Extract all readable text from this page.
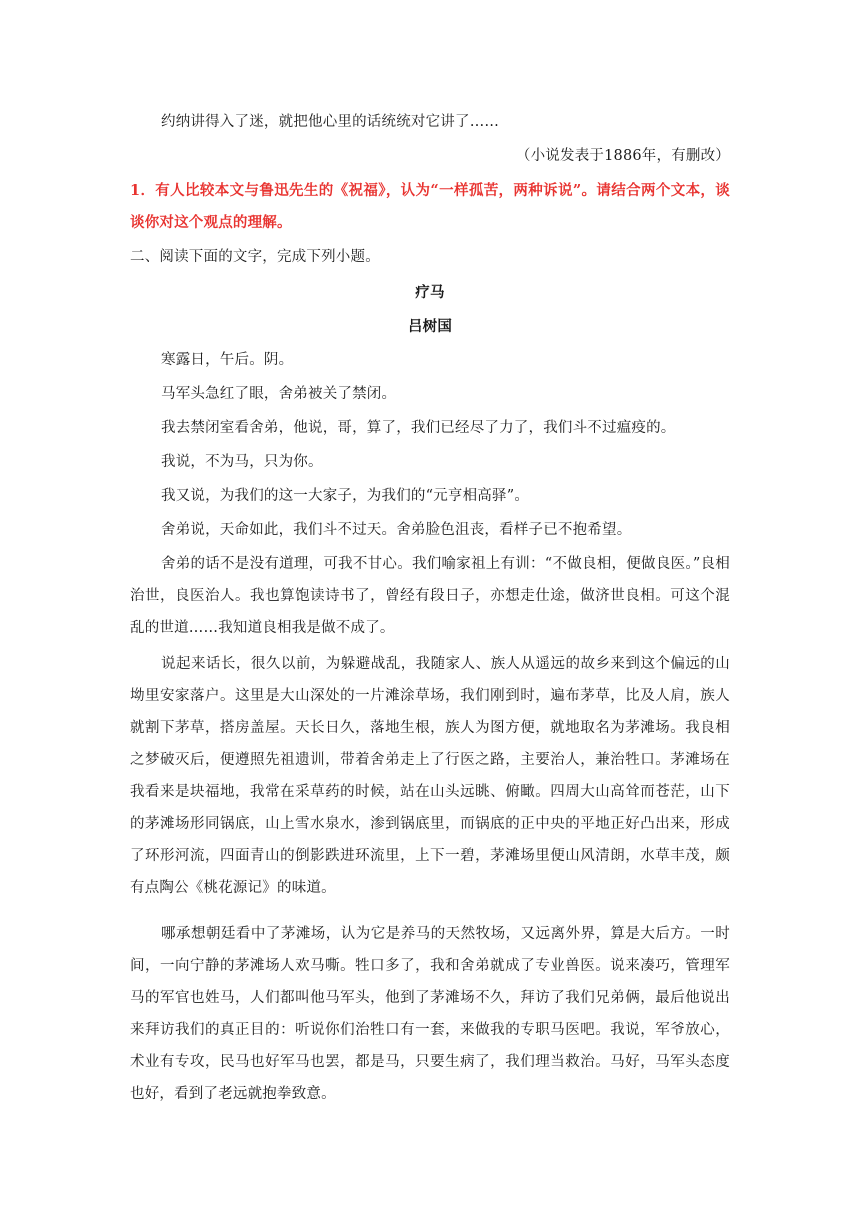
约纳讲得入了迷，就把他心里的话统统对它讲了……

（小说发表于1886年，有删改）

1．有人比较本文与鲁迅先生的《祝福》，认为“一样孤苦，两种诉说”。请结合两个文本，谈谈你对这个观点的理解。

二、阅读下面的文字，完成下列小题。

疗马

吕树国

寒露日，午后。阴。

马军头急红了眼，舍弟被关了禁闭。

我去禁闭室看舍弟，他说，哥，算了，我们已经尽了力了，我们斗不过瘟疫的。

我说，不为马，只为你。

我又说，为我们的这一大家子，为我们的“元亨相高驿”。

舍弟说，天命如此，我们斗不过天。舍弟脸色沮丧，看样子已不抱希望。

舍弟的话不是没有道理，可我不甘心。我们喻家祖上有训：“不做良相，便做良医。”良相治世，良医治人。我也算饱读诗书了，曾经有段日子，亦想走仕途，做济世良相。可这个混乱的世道……我知道良相我是做不成了。

说起来话长，很久以前，为躲避战乱，我随家人、族人从遥远的故乡来到这个偏远的山坳里安家落户。这里是大山深处的一片滩涂草场，我们刚到时，遍布茅草，比及人肩，族人就割下茅草，搭房盖屋。天长日久，落地生根，族人为图方便，就地取名为茅滩场。我良相之梦破灭后，便遵照先祖遗训，带着舍弟走上了行医之路，主要治人，兼治牲口。茅滩场在我看来是块福地，我常在采草药的时候，站在山头远眺、俯瞰。四周大山高耸而苍茫，山下的茅滩场形同锅底，山上雪水泉水，渗到锅底里，而锅底的正中央的平地正好凸出来，形成了环形河流，四面青山的倒影跌进环流里，上下一碧，茅滩场里便山风清朗，水草丰茂，颇有点陶公《桃花源记》的味道。

哪承想朝廷看中了茅滩场，认为它是养马的天然牧场，又远离外界，算是大后方。一时间，一向宁静的茅滩场人欢马嘶。牲口多了，我和舍弟就成了专业兽医。说来凑巧，管理军马的军官也姓马，人们都叫他马军头，他到了茅滩场不久，拜访了我们兄弟俩，最后他说出来拜访我们的真正目的：听说你们治牲口有一套，来做我的专职马医吧。我说，军爷放心，术业有专攻，民马也好军马也罢，都是马，只要生病了，我们理当救治。马好，马军头态度也好，看到了老远就抱拳致意。
